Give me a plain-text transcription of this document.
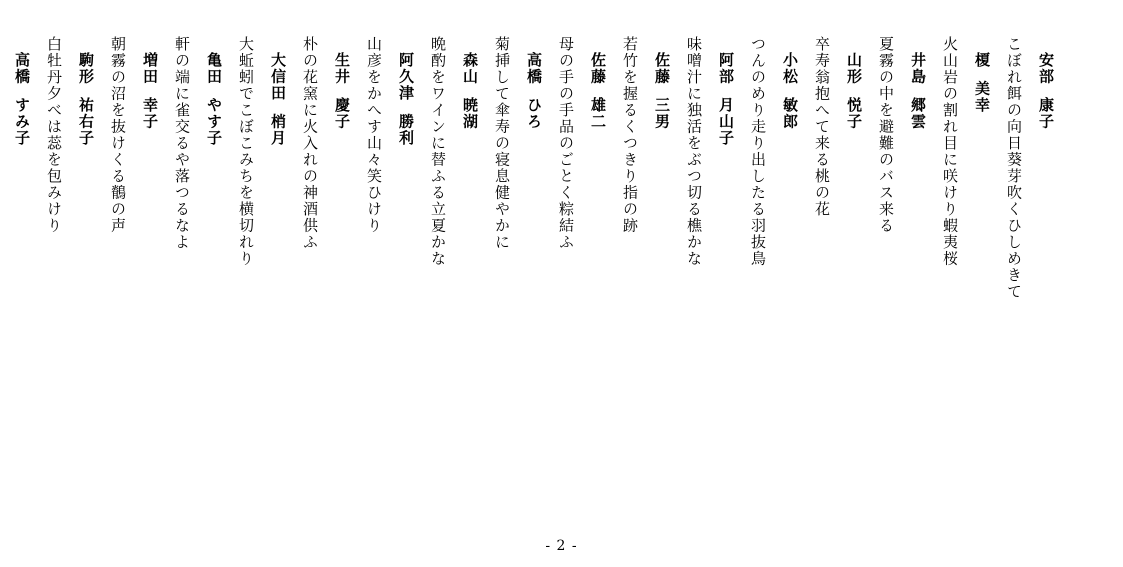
安部康子
こぼれ餌の向日葵芽吹くひしめきて
榎美幸
火山岩の割れ目に咲けり蝦夷桜
井島郷雲
夏霧の中を避難のバス来る
山形悦子
卒寿翁抱へて来る桃の花
小松敏郎
つんのめり走り出したる羽抜鳥
阿部月山子
味噌汁に独活をぶつ切る樵かな
佐藤三男
若竹を握るくつきり指の跡
佐藤雄二
母の手の手品のごとく粽結ふ
高橋ひろ
菊挿して傘寿の寝息健やかに
森山暁湖
晩酌をワインに替ふる立夏かな
阿久津勝利
山彦をかへす山々笑ひけり
生井慶子
朴の花窯に火入れの神酒供ふ
大信田梢月
大蚯蚓でこぼこみちを横切れり
亀田やす子
軒の端に雀交るや落つるなよ
増田幸子
朝霧の沼を抜けくる鶺の声
駒形祐右子
白牡丹夕べは蕊を包みけり
高橋すみ子
- 2 -
